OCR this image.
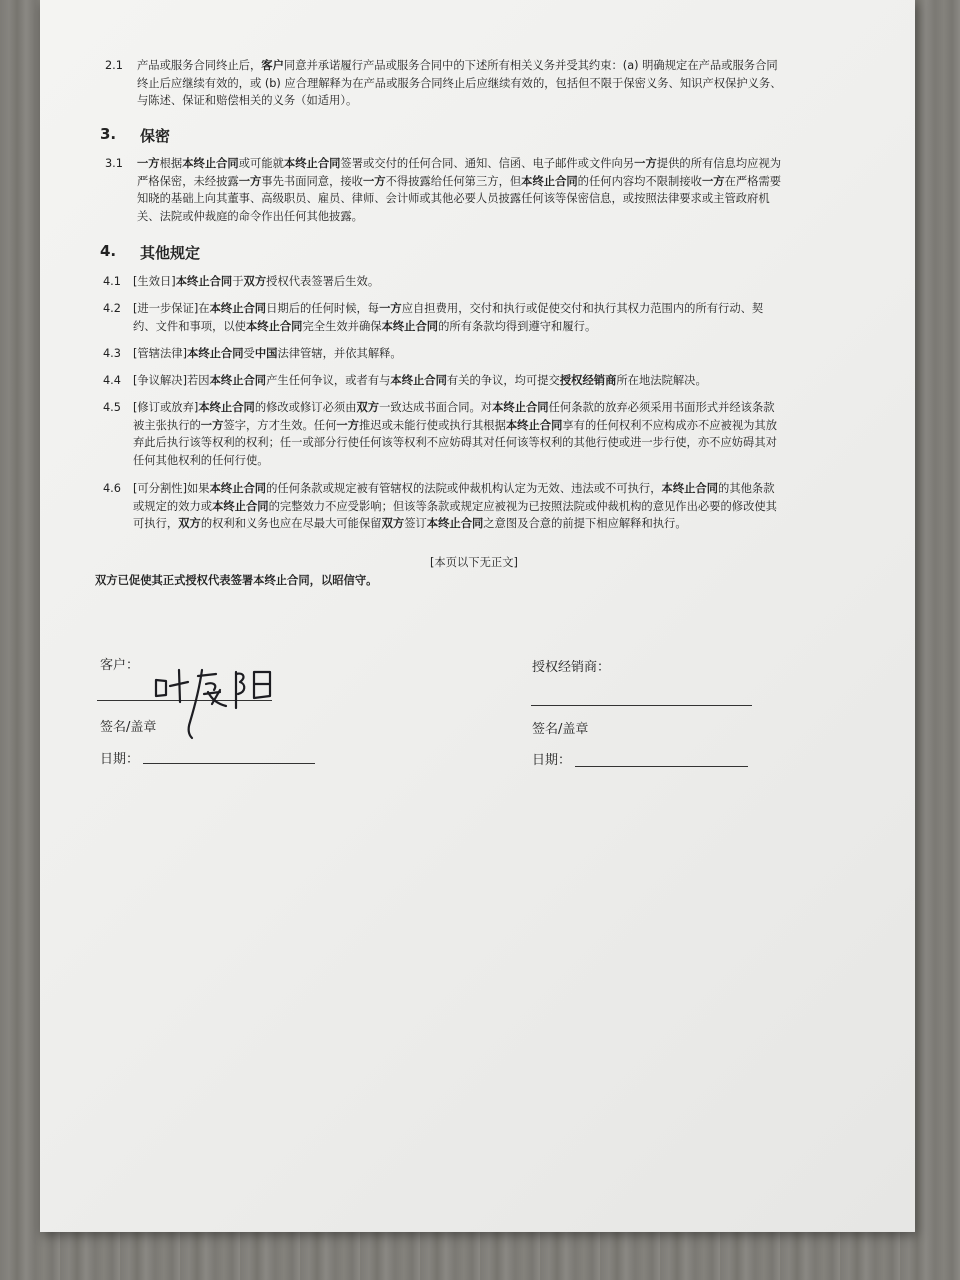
2.1	产品或服务合同终止后，客户同意并承诺履行产品或服务合同中的下述所有相关义务并受其约束：(a) 明确规定在产品或服务合同
终止后应继续有效的，或 (b) 应合理解释为在产品或服务合同终止后应继续有效的，包括但不限于保密义务、知识产权保护义务、
与陈述、保证和赔偿相关的义务（如适用）。
3. 保密
3.1	一方根据本终止合同或可能就本终止合同签署或交付的任何合同、通知、信函、电子邮件或文件向另一方提供的所有信息均应视为
严格保密，未经披露一方事先书面同意，接收一方不得披露给任何第三方，但本终止合同的任何内容均不限制接收一方在严格需要
知晓的基础上向其董事、高级职员、雇员、律师、会计师或其他必要人员披露任何该等保密信息，或按照法律要求或主管政府机
关、法院或仲裁庭的命令作出任何其他披露。
4. 其他规定
4.1	[生效日]本终止合同于双方授权代表签署后生效。
4.2	[进一步保证]在本终止合同日期后的任何时候，每一方应自担费用，交付和执行或促使交付和执行其权力范围内的所有行动、契
约、文件和事项，以使本终止合同完全生效并确保本终止合同的所有条款均得到遵守和履行。
4.3	[管辖法律]本终止合同受中国法律管辖，并依其解释。
4.4	[争议解决]若因本终止合同产生任何争议，或者有与本终止合同有关的争议，均可提交授权经销商所在地法院解决。
4.5	[修订或放弃]本终止合同的修改或修订必须由双方一致达成书面合同。对本终止合同任何条款的放弃必须采用书面形式并经该条款
被主张执行的一方签字，方才生效。任何一方推迟或未能行使或执行其根据本终止合同享有的任何权利不应构成亦不应被视为其放
弃此后执行该等权利的权利；任一或部分行使任何该等权利不应妨碍其对任何该等权利的其他行使或进一步行使，亦不应妨碍其对
任何其他权利的任何行使。
4.6	[可分割性]如果本终止合同的任何条款或规定被有管辖权的法院或仲裁机构认定为无效、违法或不可执行，本终止合同的其他条款
或规定的效力或本终止合同的完整效力不应受影响；但该等条款或规定应被视为已按照法院或仲裁机构的意见作出必要的修改使其
可执行，双方的权利和义务也应在尽最大可能保留双方签订本终止合同之意图及合意的前提下相应解释和执行。
[本页以下无正文]
双方已促使其正式授权代表签署本终止合同，以昭信守。
客户：
签名/盖章
日期：
授权经销商：
签名/盖章
日期：
